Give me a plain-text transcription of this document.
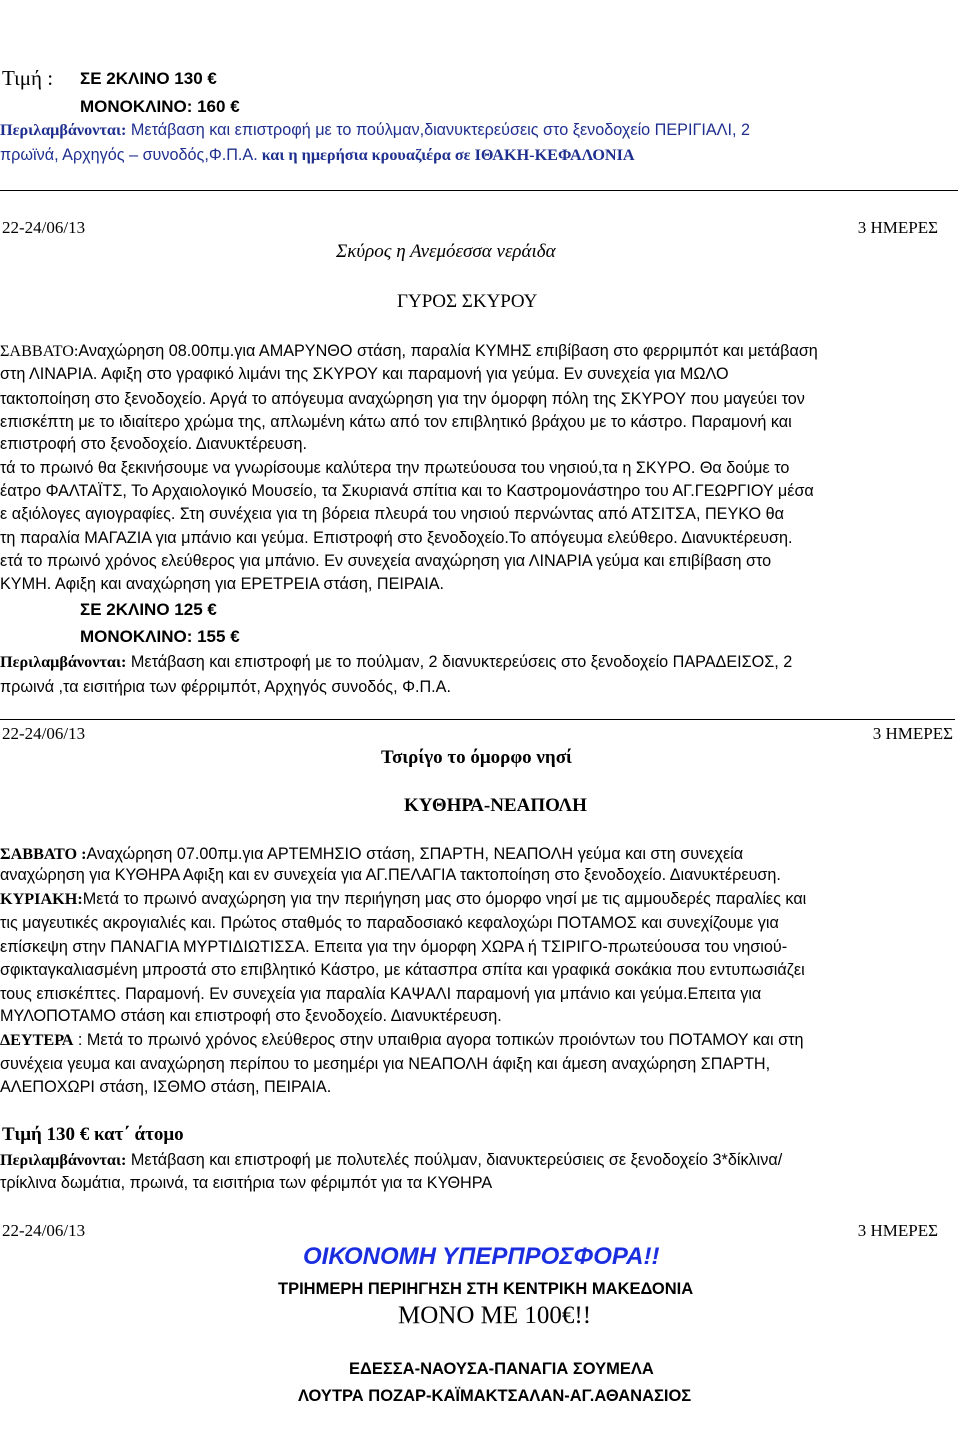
Τιμή : ΣΕ 2ΚΛΙΝΟ 130 €
ΜΟΝΟΚΛΙΝΟ: 160 €
Περιλαμβάνονται: Μετάβαση και επιστροφή με το πούλμαν,διανυκτερεύσεις στο ξενοδοχείο ΠΕΡΙΓΙΑΛΙ, 2
πρωϊνά, Αρχηγός – συνοδός,Φ.Π.Α. και η ημερήσια κρουαζιέρα σε ΙΘΑΚΗ-ΚΕΦΑΛΟΝΙΑ
22-24/06/13	3 ΗΜΕΡΕΣ
Σκύρος η Ανεμόεσσα νεράιδα
ΓΥΡΟΣ ΣΚΥΡΟΥ
ΣΑΒΒΑΤΟ:Αναχώρηση 08.00πμ.για ΑΜΑΡΥΝΘΟ στάση, παραλία ΚΥΜΗΣ επιβίβαση στο φερριμπότ και μετάβαση
στη ΛΙΝΑΡΙΑ. Αφιξη στο γραφικό λιμάνι της ΣΚΥΡΟΥ και παραμονή για γεύμα. Εν συνεχεία για ΜΩΛΟ
τακτοποίηση στο ξενοδοχείο. Αργά το απόγευμα αναχώρηση για την όμορφη πόλη της ΣΚΥΡΟΥ που μαγεύει τον
επισκέπτη με το ιδιαίτερο χρώμα της, απλωμένη κάτω από τον επιβλητικό βράχου με το κάστρο. Παραμονή και
επιστροφή στο ξενοδοχείο. Διανυκτέρευση.
τά το πρωινό θα ξεκινήσουμε να γνωρίσουμε καλύτερα την πρωτεύουσα του νησιού,τα η ΣΚΥΡΟ. Θα δούμε το
έατρο ΦΑΛΤΑΪΤΣ, Το Αρχαιολογικό Μουσείο, τα Σκυριανά σπίτια και το Καστρομονάστηρο του ΑΓ.ΓΕΩΡΓΙΟΥ μέσα
ε αξιόλογες αγιογραφίες. Στη συνέχεια για τη βόρεια πλευρά του νησιού περνώντας από ΑΤΣΙΤΣΑ, ΠΕΥΚΟ θα
τη παραλία ΜΑΓΑΖΙΑ για μπάνιο και γεύμα. Επιστροφή στο ξενοδοχείο.Το απόγευμα ελεύθερο. Διανυκτέρευση.
ετά το πρωινό χρόνος ελεύθερος για μπάνιο. Εν συνεχεία αναχώρηση για ΛΙΝΑΡΙΑ γεύμα και επιβίβαση στο
ΚΥΜΗ. Αφιξη και αναχώρηση για ΕΡΕΤΡΕΙΑ στάση, ΠΕΙΡΑΙΑ.
ΣΕ 2ΚΛΙΝΟ 125 €
ΜΟΝΟΚΛΙΝΟ: 155 €
Περιλαμβάνονται: Μετάβαση και επιστροφή με το πούλμαν, 2 διανυκτερεύσεις στο ξενοδοχείο ΠΑΡΑΔΕΙΣΟΣ, 2
πρωινά ,τα εισιτήρια των φέρριμπότ, Αρχηγός συνοδός, Φ.Π.Α.
22-24/06/13	3 ΗΜΕΡΕΣ
Τσιρίγο το όμορφο νησί
ΚΥΘΗΡΑ-ΝΕΑΠΟΛΗ
ΣΑΒΒΑΤΟ :Αναχώρηση 07.00πμ.για ΑΡΤΕΜΗΣΙΟ στάση, ΣΠΑΡΤΗ, ΝΕΑΠΟΛΗ γεύμα και στη συνεχεία
αναχώρηση για ΚΥΘΗΡΑ Αφιξη και εν συνεχεία για ΑΓ.ΠΕΛΑΓΙΑ τακτοποίηση στο ξενοδοχείο. Διανυκτέρευση.
ΚΥΡΙΑΚΗ:Μετά το πρωινό αναχώρηση για την περιήγηση μας στο όμορφο νησί με τις αμμουδερές παραλίες και
τις μαγευτικές ακρογιαλιές και. Πρώτος σταθμός το παραδοσιακό κεφαλοχώρι ΠΟΤΑΜΟΣ και συνεχίζουμε για
επίσκεψη στην ΠΑΝΑΓΙΑ ΜΥΡΤΙΔΙΩΤΙΣΣΑ. Επειτα για την όμορφη ΧΩΡΑ ή ΤΣΙΡΙΓΟ-πρωτεύουσα του νησιού-
σφικταγκαλιασμένη μπροστά στο επιβλητικό Κάστρο, με κάτασπρα σπίτα και γραφικά σοκάκια που εντυπωσιάζει
τους επισκέπτες. Παραμονή. Εν συνεχεία για παραλία ΚΑΨΑΛΙ παραμονή για μπάνιο και γεύμα.Επειτα για
ΜΥΛΟΠΟΤΑΜΟ στάση και επιστροφή στο ξενοδοχείο. Διανυκτέρευση.
ΔΕΥΤΕΡΑ : Μετά το πρωινό χρόνος ελεύθερος στην υπαιθρια αγορα τοπικών προιόντων του ΠΟΤΑΜΟΥ και στη
συνέχεια γευμα και αναχώρηση περίπου το μεσημέρι για ΝΕΑΠΟΛΗ άφιξη και άμεση αναχώρηση ΣΠΑΡΤΗ,
ΑΛΕΠΟΧΩΡΙ στάση, ΙΣΘΜΟ στάση, ΠΕΙΡΑΙΑ.
Τιμή 130 € κατ΄ άτομο
Περιλαμβάνονται: Μετάβαση και επιστροφή με πολυτελές πούλμαν, διανυκτερεύσιεις σε ξενοδοχείο 3*δίκλινα/
τρίκλινα δωμάτια, πρωινά, τα εισιτήρια των φέριμπότ για τα ΚΥΘΗΡΑ
22-24/06/13	3 ΗΜΕΡΕΣ
ΟΙΚΟΝΟΜΗ ΥΠΕΡΠΡΟΣΦΟΡΑ!!
ΤΡΙΗΜΕΡΗ ΠΕΡΙΗΓΗΣΗ ΣΤΗ ΚΕΝΤΡΙΚΗ ΜΑΚΕΔΟΝΙΑ
ΜΟΝΟ ΜΕ 100€!!
ΕΔΕΣΣΑ-ΝΑΟΥΣΑ-ΠΑΝΑΓΙΑ ΣΟΥΜΕΛΑ
ΛΟΥΤΡΑ ΠΟΖΑΡ-ΚΑΪΜΑΚΤΣΑΛΑΝ-ΑΓ.ΑΘΑΝΑΣΙΟΣ
